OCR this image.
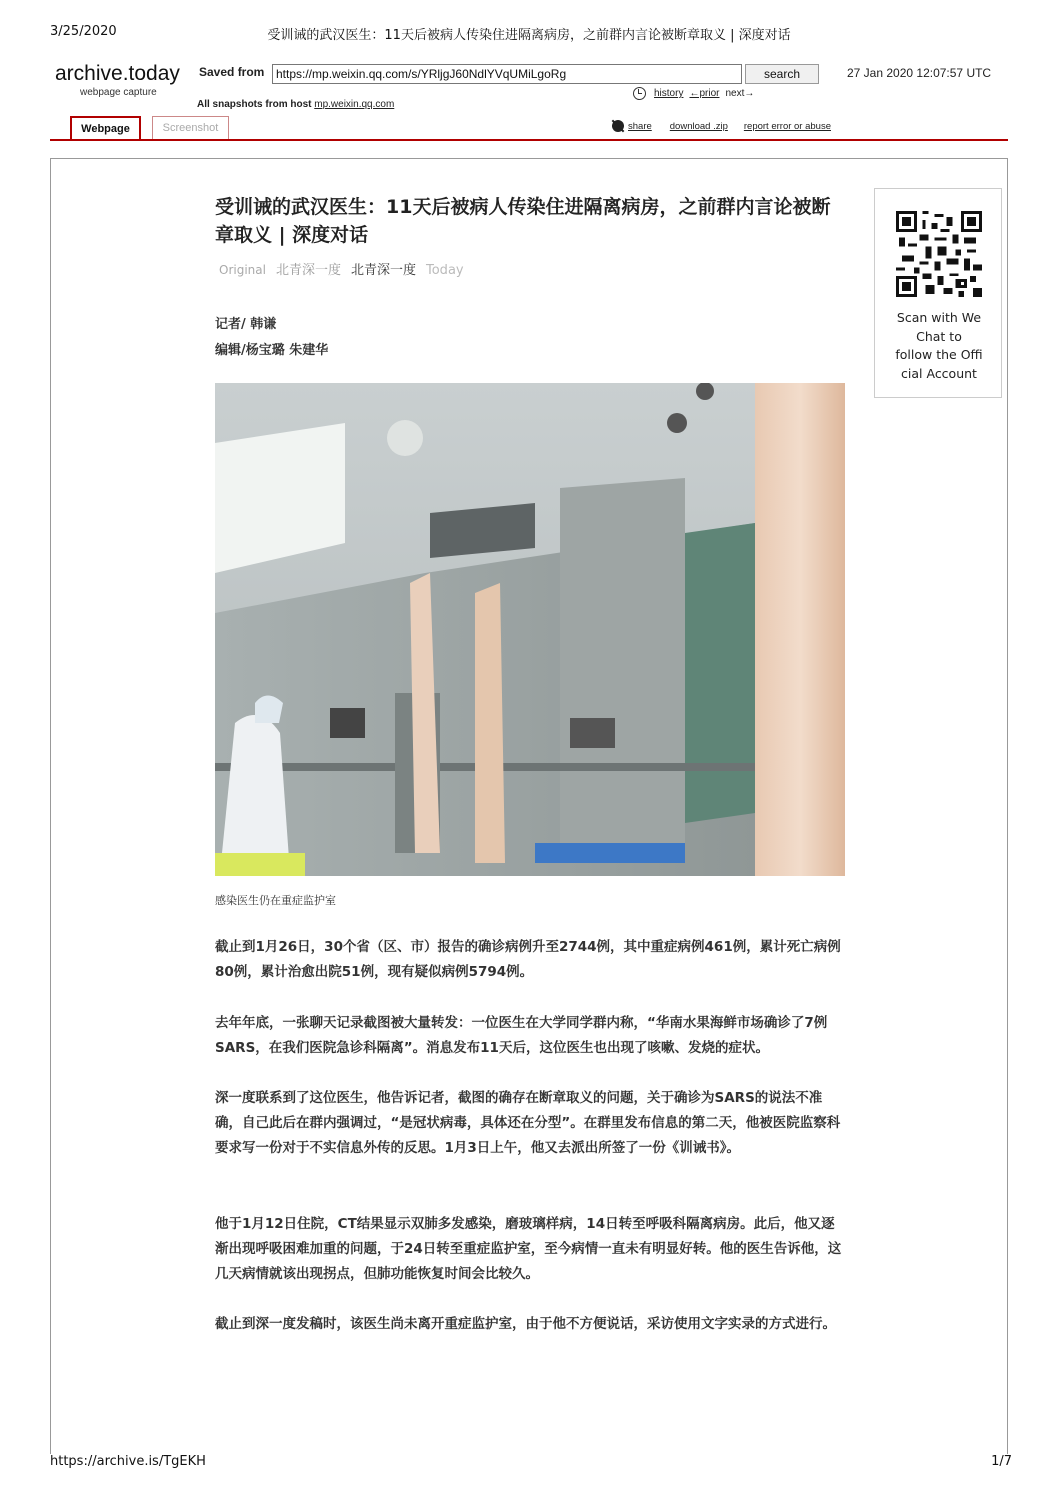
3/25/2020	受训诫的武汉医生：11天后被病人传染住进隔离病房，之前群内言论被断章取义 | 深度对话
archive.today
webpage capture
Saved from
https://mp.weixin.qq.com/s/YRljgJ60NdlYVqUMiLgoRg	search	27 Jan 2020 12:07:57 UTC
history ←prior next→
All snapshots from host mp.weixin.qq.com
Webpage	Screenshot	share download .zip report error or abuse
受训诫的武汉医生：11天后被病人传染住进隔离病房，之前群内言论被断章取义 | 深度对话
Original 北青深一度 北青深一度 Today
记者/ 韩谦
编辑/杨宝璐 朱建华
感染医生仍在重症监护室

截止到1月26日，30个省（区、市）报告的确诊病例升至2744例，其中重症病例461例，累计死亡病例80例，累计治愈出院51例，现有疑似病例5794例。

去年年底，一张聊天记录截图被大量转发：一位医生在大学同学群内称，“华南水果海鲜市场确诊了7例SARS，在我们医院急诊科隔离”。消息发布11天后，这位医生也出现了咳嗽、发烧的症状。

深一度联系到了这位医生，他告诉记者，截图的确存在断章取义的问题，关于确诊为SARS的说法不准确，自己此后在群内强调过，“是冠状病毒，具体还在分型”。在群里发布信息的第二天，他被医院监察科要求写一份对于不实信息外传的反思。1月3日上午，他又去派出所签了一份《训诫书》。

他于1月12日住院，CT结果显示双肺多发感染，磨玻璃样病，14日转至呼吸科隔离病房。此后，他又逐渐出现呼吸困难加重的问题，于24日转至重症监护室，至今病情一直未有明显好转。他的医生告诉他，这几天病情就该出现拐点，但肺功能恢复时间会比较久。

截止到深一度发稿时，该医生尚未离开重症监护室，由于他不方便说话，采访使用文字实录的方式进行。

Scan with We
Chat to
follow the Offi
cial Account
https://archive.is/TgEKH	1/7
